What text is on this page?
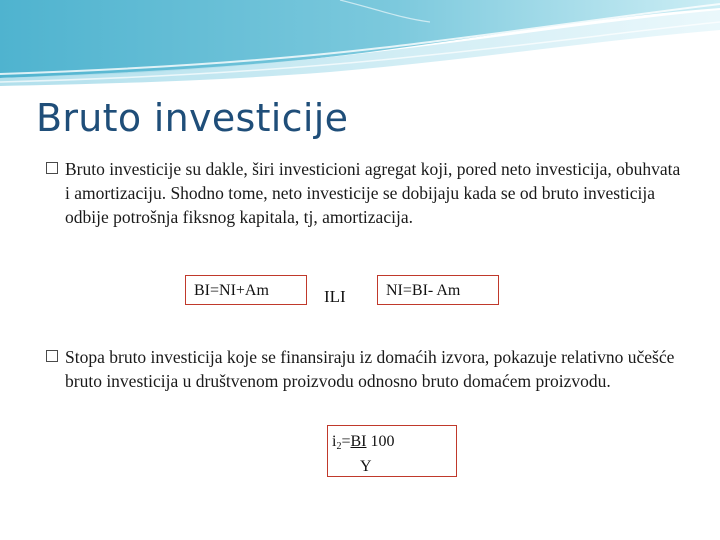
Bruto investicije
Bruto investicije su dakle, širi investicioni agregat koji, pored neto investicija, obuhvata i amortizaciju. Shodno tome, neto investicije se dobijaju kada se od bruto investicija odbije potrošnja fiksnog kapitala, tj, amortizacija.
BI=NI+Am	ILI	NI=BI- Am
Stopa bruto investicija koje se finansiraju iz domaćih izvora, pokazuje relativno učešće bruto investicija u društvenom proizvodu odnosno bruto domaćem proizvodu.
$i_2=BI$ 100
Y
